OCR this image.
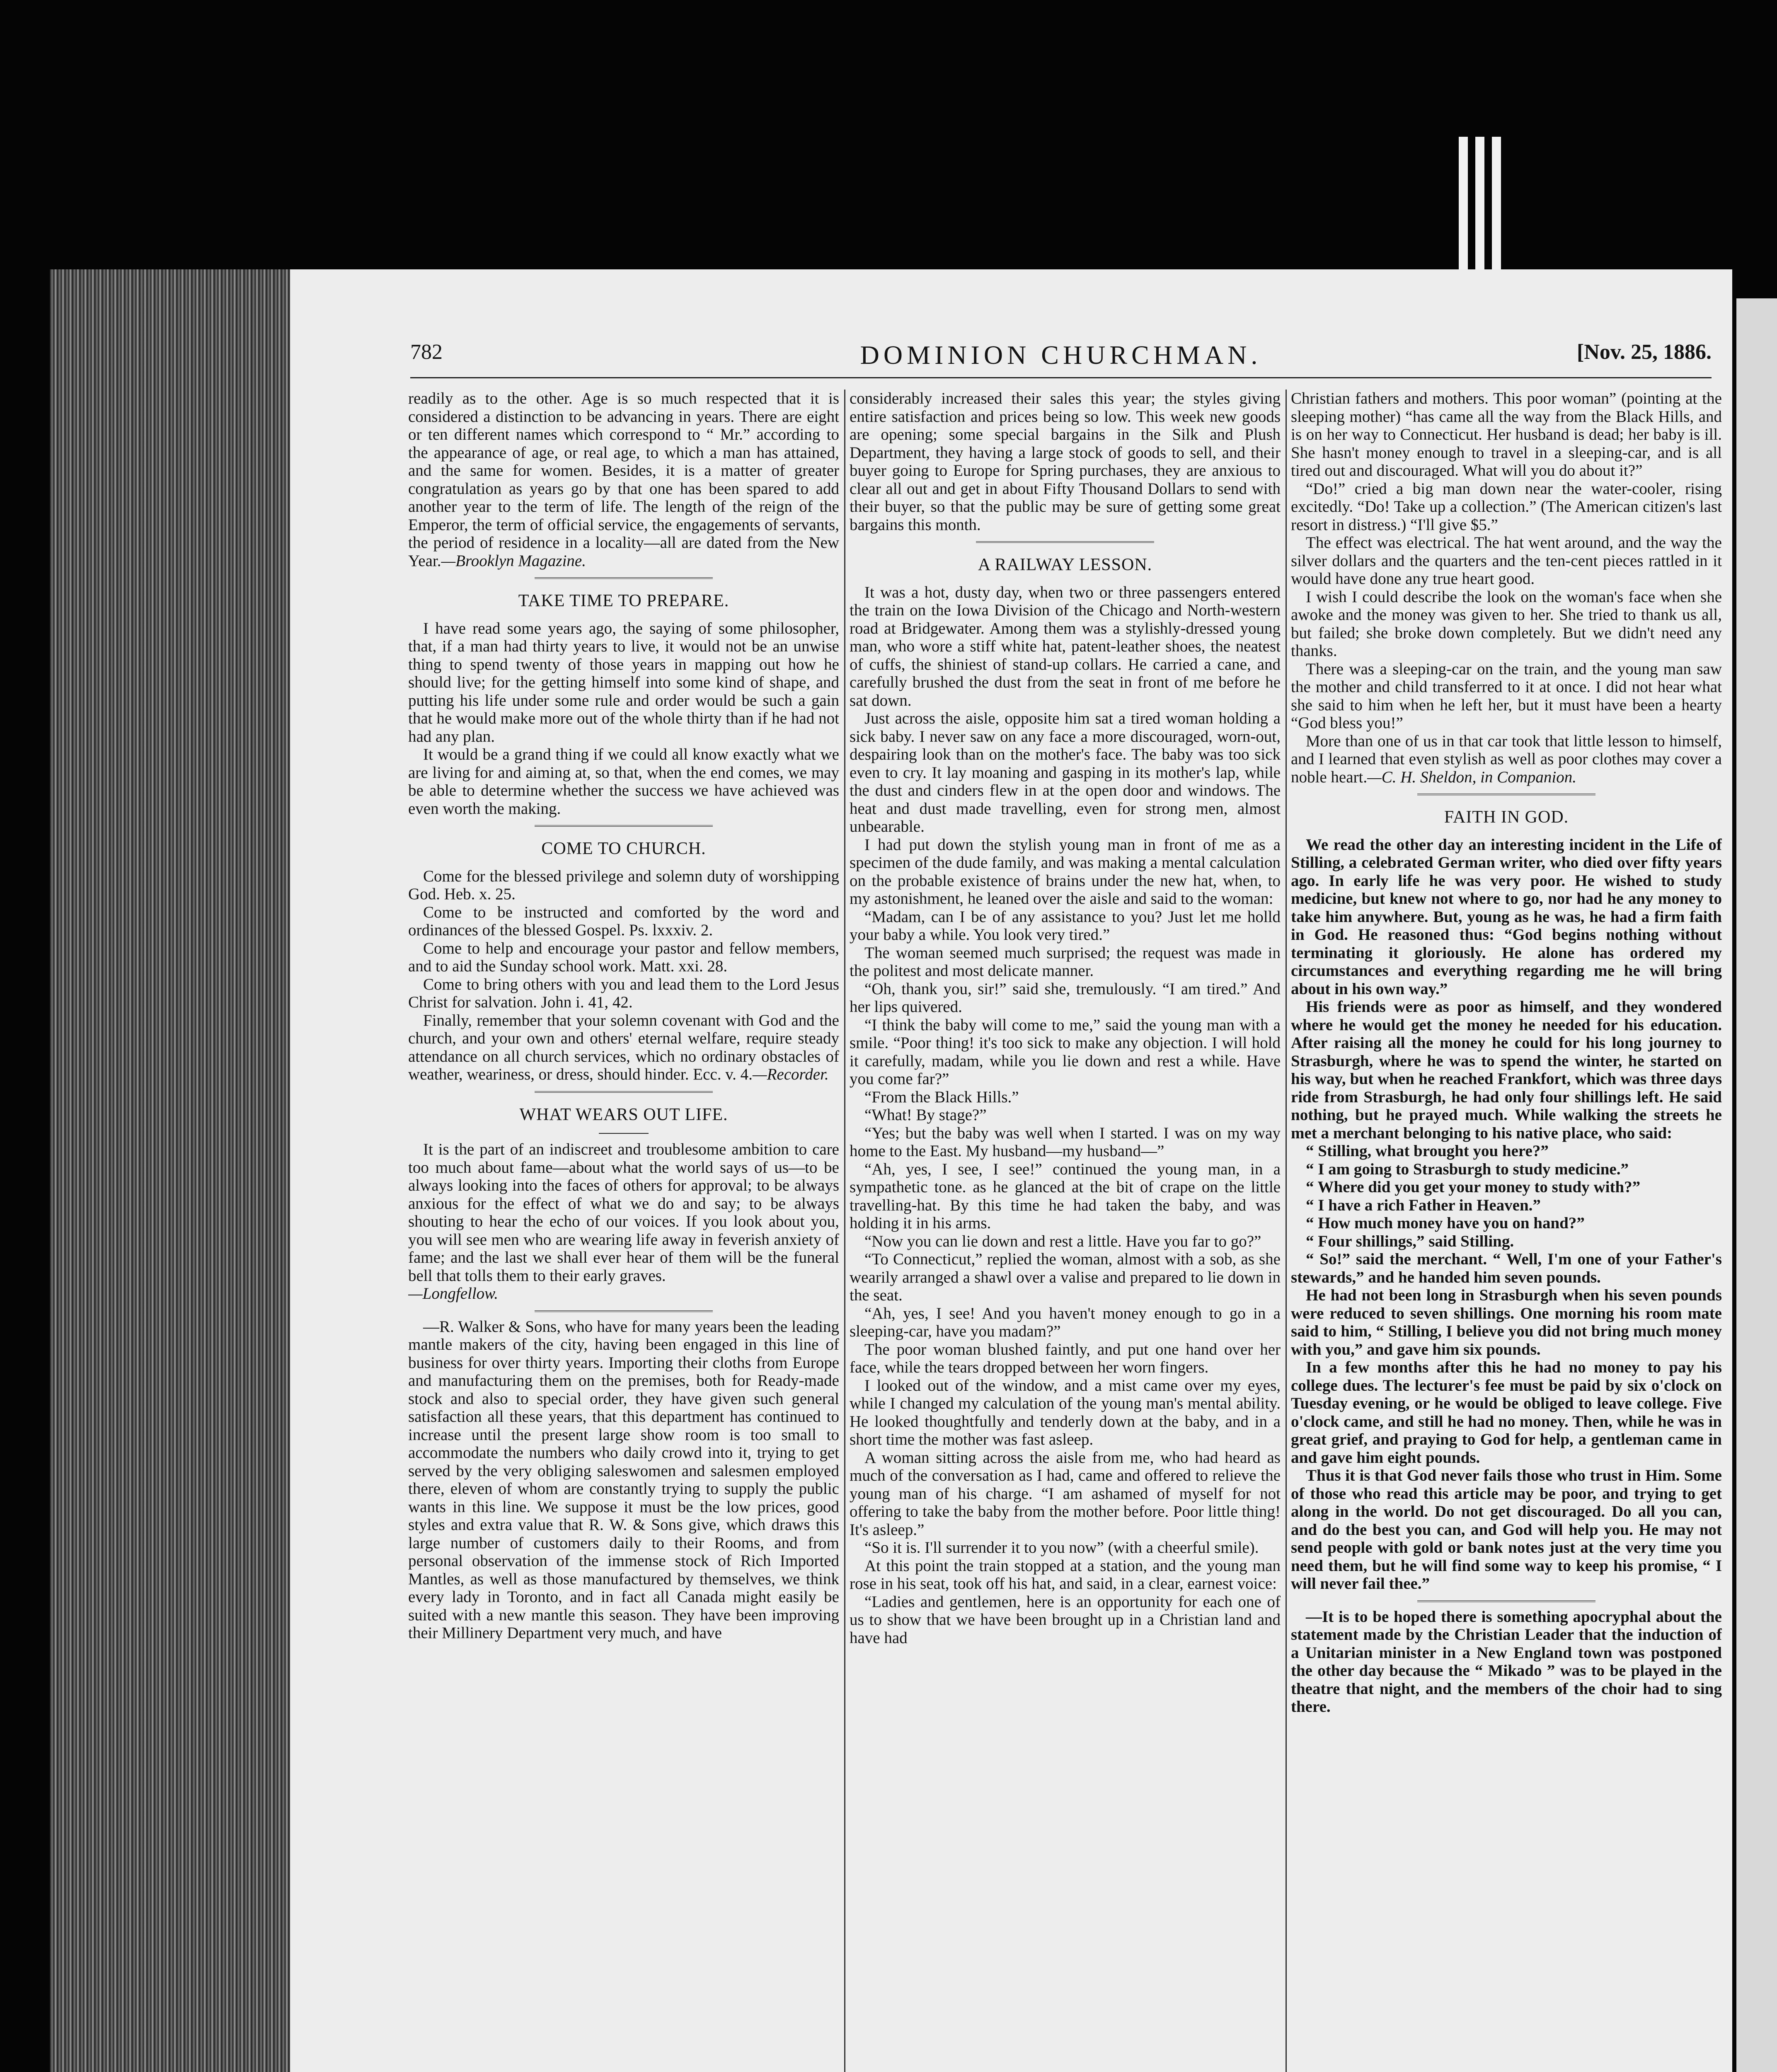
782	DOMINION CHURCHMAN.	[Nov. 25, 1886.

readily as to the other. Age is so much respected that it is considered a distinction to be advancing in years. There are eight or ten different names which correspond to “ Mr.” according to the appearance of age, or real age, to which a man has attained, and the same for women. Besides, it is a matter of greater congratulation as years go by that one has been spared to add another year to the term of life. The length of the reign of the Emperor, the term of official service, the engagements of servants, the period of residence in a locality—all are dated from the New Year.—Brooklyn Magazine.

TAKE TIME TO PREPARE.

I have read some years ago, the saying of some philosopher, that, if a man had thirty years to live, it would not be an unwise thing to spend twenty of those years in mapping out how he should live; for the getting himself into some kind of shape, and putting his life under some rule and order would be such a gain that he would make more out of the whole thirty than if he had not had any plan.

It would be a grand thing if we could all know exactly what we are living for and aiming at, so that, when the end comes, we may be able to determine whether the success we have achieved was even worth the making.

COME TO CHURCH.

Come for the blessed privilege and solemn duty of worshipping God. Heb. x. 25.

Come to be instructed and comforted by the word and ordinances of the blessed Gospel. Ps. lxxxiv. 2.

Come to help and encourage your pastor and fellow members, and to aid the Sunday school work. Matt. xxi. 28.

Come to bring others with you and lead them to the Lord Jesus Christ for salvation. John i. 41, 42.

Finally, remember that your solemn covenant with God and the church, and your own and others' eternal welfare, require steady attendance on all church services, which no ordinary obstacles of weather, weariness, or dress, should hinder. Ecc. v. 4.—Recorder.

WHAT WEARS OUT LIFE.

It is the part of an indiscreet and troublesome ambition to care too much about fame—about what the world says of us—to be always looking into the faces of others for approval; to be always anxious for the effect of what we do and say; to be always shouting to hear the echo of our voices. If you look about you, you will see men who are wearing life away in feverish anxiety of fame; and the last we shall ever hear of them will be the funeral bell that tolls them to their early graves.

—Longfellow.

—R. Walker & Sons, who have for many years been the leading mantle makers of the city, having been engaged in this line of business for over thirty years. Importing their cloths from Europe and manufacturing them on the premises, both for Ready-made stock and also to special order, they have given such general satisfaction all these years, that this department has continued to increase until the present large show room is too small to accommodate the numbers who daily crowd into it, trying to get served by the very obliging saleswomen and salesmen employed there, eleven of whom are constantly trying to supply the public wants in this line. We suppose it must be the low prices, good styles and extra value that R. W. & Sons give, which draws this large number of customers daily to their Rooms, and from personal observation of the immense stock of Rich Imported Mantles, as well as those manufactured by themselves, we think every lady in Toronto, and in fact all Canada might easily be suited with a new mantle this season. They have been improving their Millinery Department very much, and have

considerably increased their sales this year; the styles giving entire satisfaction and prices being so low. This week new goods are opening; some special bargains in the Silk and Plush Department, they having a large stock of goods to sell, and their buyer going to Europe for Spring purchases, they are anxious to clear all out and get in about Fifty Thousand Dollars to send with their buyer, so that the public may be sure of getting some great bargains this month.

A RAILWAY LESSON.

It was a hot, dusty day, when two or three passengers entered the train on the Iowa Division of the Chicago and North-western road at Bridgewater. Among them was a stylishly-dressed young man, who wore a stiff white hat, patent-leather shoes, the neatest of cuffs, the shiniest of stand-up collars. He carried a cane, and carefully brushed the dust from the seat in front of me before he sat down.

Just across the aisle, opposite him sat a tired woman holding a sick baby. I never saw on any face a more discouraged, worn-out, despairing look than on the mother's face. The baby was too sick even to cry. It lay moaning and gasping in its mother's lap, while the dust and cinders flew in at the open door and windows. The heat and dust made travelling, even for strong men, almost unbearable.

I had put down the stylish young man in front of me as a specimen of the dude family, and was making a mental calculation on the probable existence of brains under the new hat, when, to my astonishment, he leaned over the aisle and said to the woman:

“Madam, can I be of any assistance to you? Just let me holld your baby a while. You look very tired.”

The woman seemed much surprised; the request was made in the politest and most delicate manner.

“Oh, thank you, sir!” said she, tremulously. “I am tired.” And her lips quivered.

“I think the baby will come to me,” said the young man with a smile. “Poor thing! it's too sick to make any objection. I will hold it carefully, madam, while you lie down and rest a while. Have you come far?”

“From the Black Hills.”

“What! By stage?”

“Yes; but the baby was well when I started. I was on my way home to the East. My husband—my husband—”

“Ah, yes, I see, I see!” continued the young man, in a sympathetic tone. as he glanced at the bit of crape on the little travelling-hat. By this time he had taken the baby, and was holding it in his arms.

“Now you can lie down and rest a little. Have you far to go?”

“To Connecticut,” replied the woman, almost with a sob, as she wearily arranged a shawl over a valise and prepared to lie down in the seat.

“Ah, yes, I see! And you haven't money enough to go in a sleeping-car, have you madam?”

The poor woman blushed faintly, and put one hand over her face, while the tears dropped between her worn fingers.

I looked out of the window, and a mist came over my eyes, while I changed my calculation of the young man's mental ability. He looked thoughtfully and tenderly down at the baby, and in a short time the mother was fast asleep.

A woman sitting across the aisle from me, who had heard as much of the conversation as I had, came and offered to relieve the young man of his charge. “I am ashamed of myself for not offering to take the baby from the mother before. Poor little thing! It's asleep.”

“So it is. I'll surrender it to you now” (with a cheerful smile).

At this point the train stopped at a station, and the young man rose in his seat, took off his hat, and said, in a clear, earnest voice:

“Ladies and gentlemen, here is an opportunity for each one of us to show that we have been brought up in a Christian land and have had

Christian fathers and mothers. This poor woman” (pointing at the sleeping mother) “has came all the way from the Black Hills, and is on her way to Connecticut. Her husband is dead; her baby is ill. She hasn't money enough to travel in a sleeping-car, and is all tired out and discouraged. What will you do about it?”

“Do!” cried a big man down near the water-cooler, rising excitedly. “Do! Take up a collection.” (The American citizen's last resort in distress.) “I'll give $5.”

The effect was electrical. The hat went around, and the way the silver dollars and the quarters and the ten-cent pieces rattled in it would have done any true heart good.

I wish I could describe the look on the woman's face when she awoke and the money was given to her. She tried to thank us all, but failed; she broke down completely. But we didn't need any thanks.

There was a sleeping-car on the train, and the young man saw the mother and child transferred to it at once. I did not hear what she said to him when he left her, but it must have been a hearty “God bless you!”

More than one of us in that car took that little lesson to himself, and I learned that even stylish as well as poor clothes may cover a noble heart.—C. H. Sheldon, in Companion.

FAITH IN GOD.

We read the other day an interesting incident in the Life of Stilling, a celebrated German writer, who died over fifty years ago. In early life he was very poor. He wished to study medicine, but knew not where to go, nor had he any money to take him anywhere. But, young as he was, he had a firm faith in God. He reasoned thus: “God begins nothing without terminating it gloriously. He alone has ordered my circumstances and everything regarding me he will bring about in his own way.”

His friends were as poor as himself, and they wondered where he would get the money he needed for his education. After raising all the money he could for his long journey to Strasburgh, where he was to spend the winter, he started on his way, but when he reached Frankfort, which was three days ride from Strasburgh, he had only four shillings left. He said nothing, but he prayed much. While walking the streets he met a merchant belonging to his native place, who said:

“ Stilling, what brought you here?”

“ I am going to Strasburgh to study medicine.”

“ Where did you get your money to study with?”

“ I have a rich Father in Heaven.”

“ How much money have you on hand?”

“ Four shillings,” said Stilling.

“ So!” said the merchant. “ Well, I'm one of your Father's stewards,” and he handed him seven pounds.

He had not been long in Strasburgh when his seven pounds were reduced to seven shillings. One morning his room mate said to him, “ Stilling, I believe you did not bring much money with you,” and gave him six pounds.

In a few months after this he had no money to pay his college dues. The lecturer's fee must be paid by six o'clock on Tuesday evening, or he would be obliged to leave college. Five o'clock came, and still he had no money. Then, while he was in great grief, and praying to God for help, a gentleman came in and gave him eight pounds.

Thus it is that God never fails those who trust in Him. Some of those who read this article may be poor, and trying to get along in the world. Do not get discouraged. Do all you can, and do the best you can, and God will help you. He may not send people with gold or bank notes just at the very time you need them, but he will find some way to keep his promise, “ I will never fail thee.”

—It is to be hoped there is something apocryphal about the statement made by the Christian Leader that the induction of a Unitarian minister in a New England town was postponed the other day because the “ Mikado ” was to be played in the theatre that night, and the members of the choir had to sing there.
